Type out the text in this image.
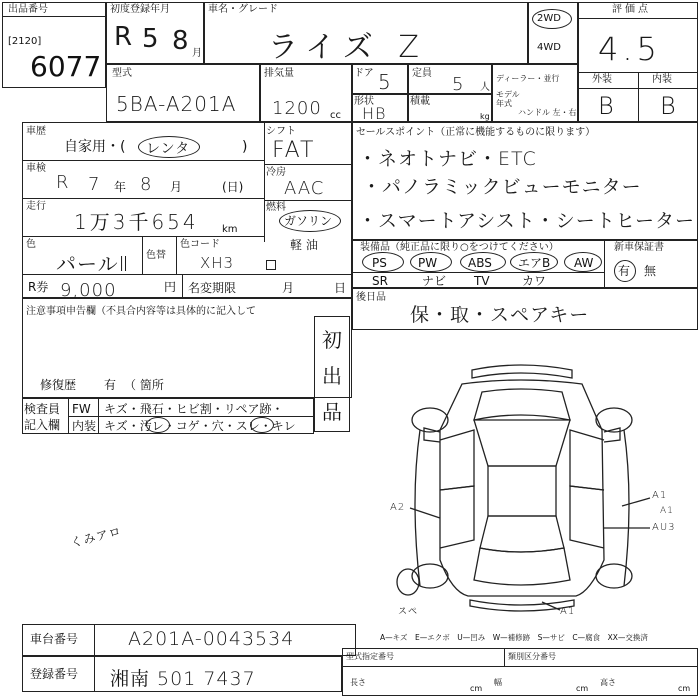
出品番号
[2120]
6077
初度登録年月
R 5 8 月
車名・グレード
ライズ Z
2WD
4WD
評価点
4.5
外装	内装
B B
型式
5BA-A201A
排気量
1200 cc
ドア 5 定員
5 人
形状
HB
積載
kg
ディーラー・並行
モデル年式
ハンドル 左・右
車歴
自家用・( レンタ	)
シフト
FAT
車検
R 7 年 8 月	(日)
冷房
AAC
走行
1万3千654 km
燃料
ガソリン
軽 油
色
パールⅡ 色替
色コード
XH3
R券 9,000	円 名変期限	月	日
注意事項申告欄（不具合内容等は具体的に記入して
修復歴 有 （ 箇所
初出品
検査員
記入欄
FW キズ・飛石・ヒビ割・リペア跡・
内装 キズ・汚レ・コゲ・穴・スレ・キレ
セールスポイント（正常に機能するものに限ります）
・ネオトナビ・ETC
・パノラミックビューモニター
・スマートアシスト・シートヒーター
装備品（純正品に限り○をつけてください）	新車保証書
PS	PW	ABS エアB AW
SR	ナビ TV	カワ
有 無
後日品
保・取・スペアキー
A2
A1
AU3
A1
スペ	A1
くみアロ
A—キズ　E—エクボ　U—凹み　W—補修跡　S—サビ　C—腐食　XX—交換済
車台番号	A201A-0043534
登録番号 湘南 501 7437
型式指定番号	類別区分番号
長さ
cm
幅
cm
高さ
cm
